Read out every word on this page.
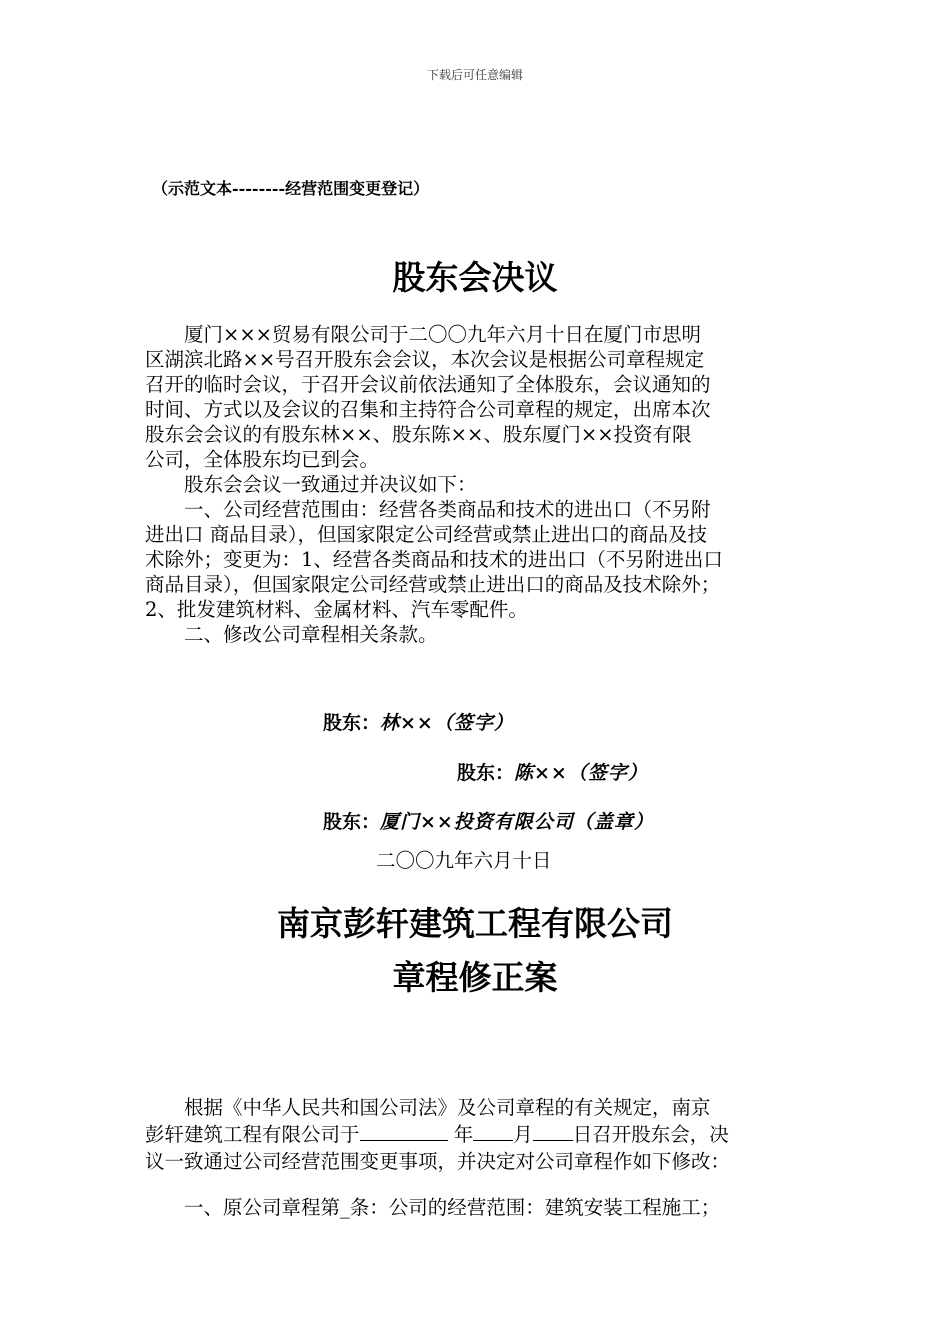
下载后可任意编辑
（示范文本--------经营范围变更登记）
股东会决议
　　厦门×××贸易有限公司于二〇〇九年六月十日在厦门市思明
区湖滨北路××号召开股东会会议，本次会议是根据公司章程规定
召开的临时会议，于召开会议前依法通知了全体股东，会议通知的
时间、方式以及会议的召集和主持符合公司章程的规定，出席本次
股东会会议的有股东林××、股东陈××、股东厦门××投资有限
公司，全体股东均已到会。
　　股东会会议一致通过并决议如下：
　　一、公司经营范围由：经营各类商品和技术的进出口（不另附
进出口 商品目录），但国家限定公司经营或禁止进出口的商品及技
术除外；变更为：1、经营各类商品和技术的进出口（不另附进出口
商品目录），但国家限定公司经营或禁止进出口的商品及技术除外；
2、批发建筑材料、金属材料、汽车零配件。
　　二、修改公司章程相关条款。
股东：林××（签字）
股东：陈××（签字）
股东：厦门××投资有限公司（盖章）
二〇〇九年六月十日
南京彭轩建筑工程有限公司
章程修正案
　　根据《中华人民共和国公司法》及公司章程的有关规定，南京
彭轩建筑工程有限公司于	年 月 日召开股东会，决
议一致通过公司经营范围变更事项，并决定对公司章程作如下修改：
　　一、原公司章程第_条：公司的经营范围：建筑安装工程施工；
